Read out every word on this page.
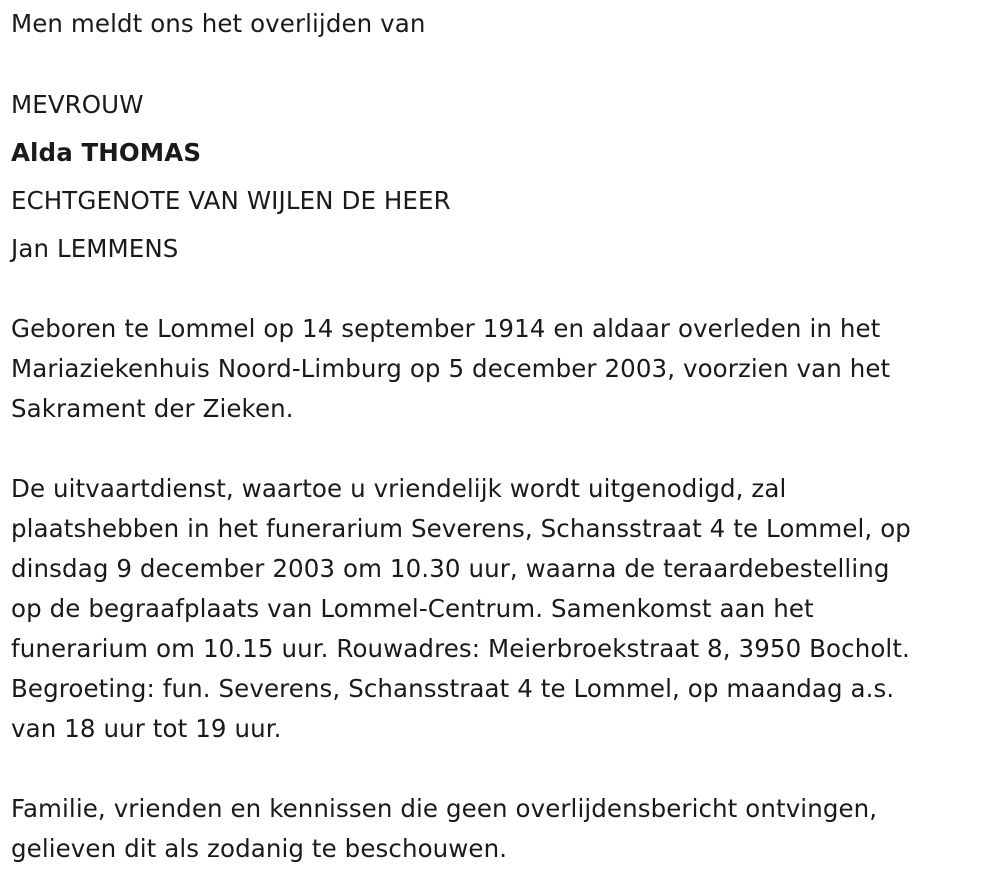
Men meldt ons het overlijden van
MEVROUW
Alda THOMAS
ECHTGENOTE VAN WIJLEN DE HEER
Jan LEMMENS
Geboren te Lommel op 14 september 1914 en aldaar overleden in het
Mariaziekenhuis Noord-Limburg op 5 december 2003, voorzien van het
Sakrament der Zieken.
De uitvaartdienst, waartoe u vriendelijk wordt uitgenodigd, zal
plaatshebben in het funerarium Severens, Schansstraat 4 te Lommel, op
dinsdag 9 december 2003 om 10.30 uur, waarna de teraardebestelling
op de begraafplaats van Lommel-Centrum. Samenkomst aan het
funerarium om 10.15 uur. Rouwadres: Meierbroekstraat 8, 3950 Bocholt.
Begroeting: fun. Severens, Schansstraat 4 te Lommel, op maandag a.s.
van 18 uur tot 19 uur.
Familie, vrienden en kennissen die geen overlijdensbericht ontvingen,
gelieven dit als zodanig te beschouwen.
